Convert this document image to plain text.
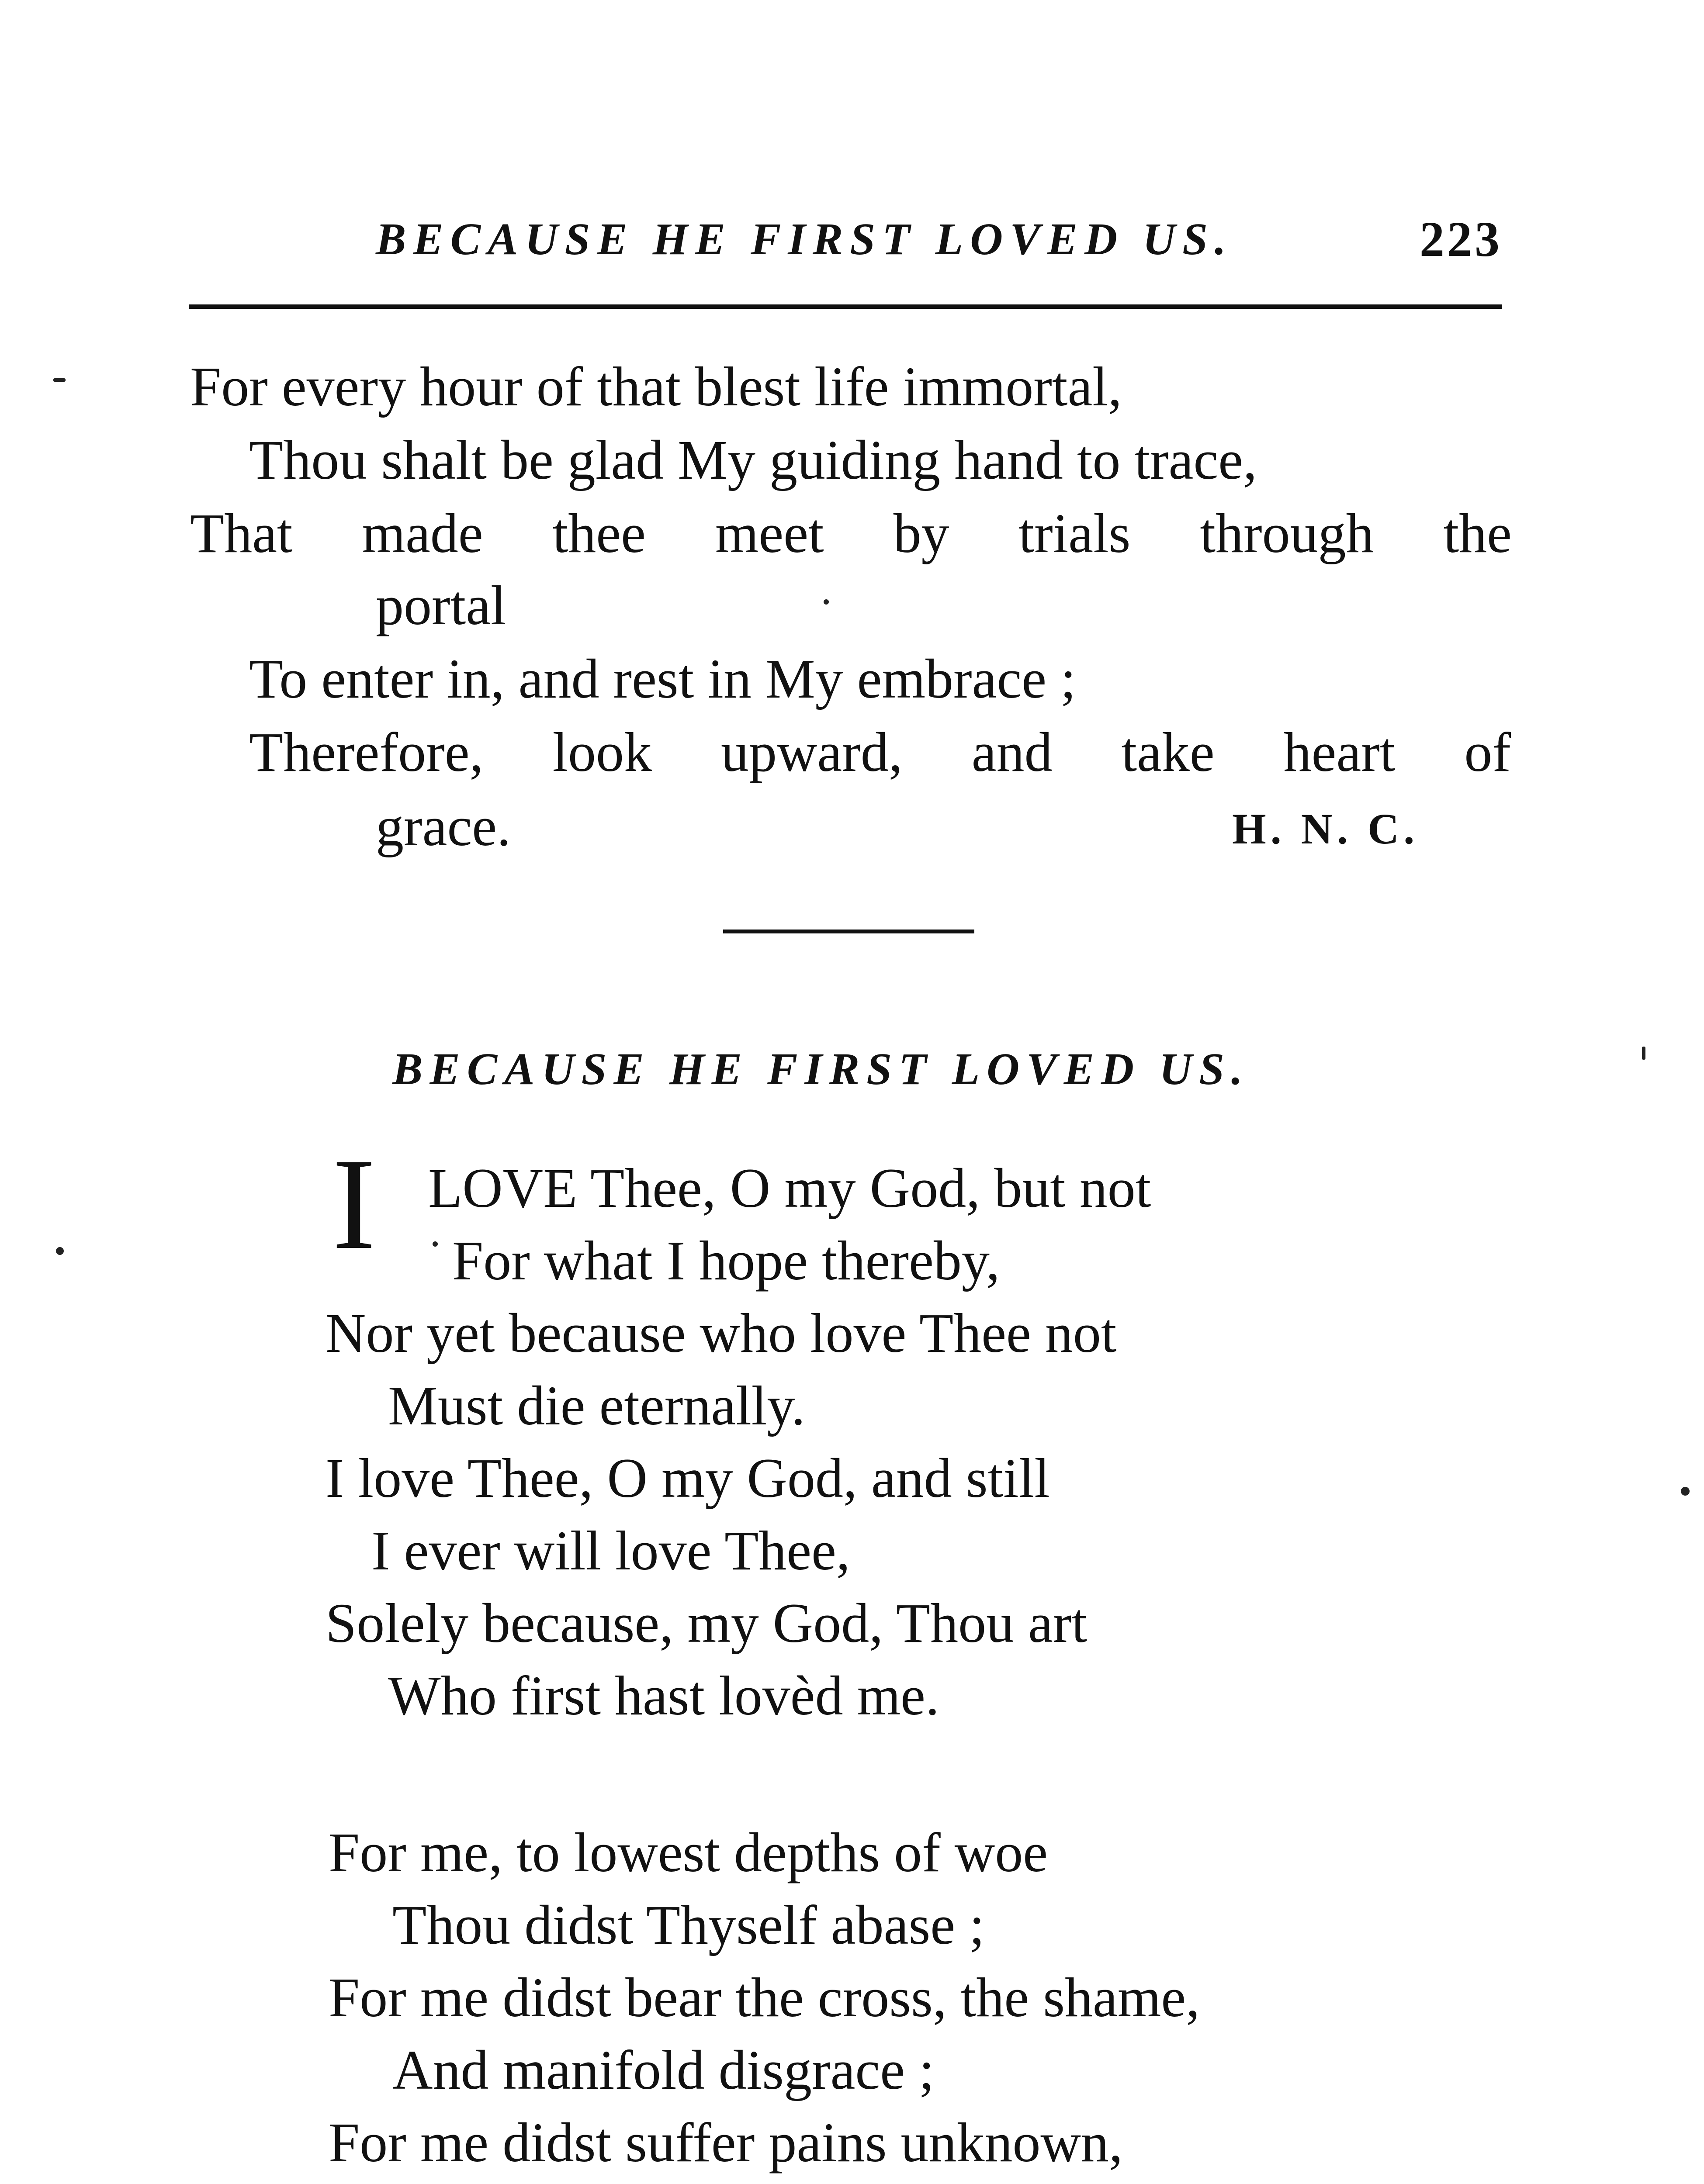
BECAUSE HE FIRST LOVED US.	223
For every hour of that blest life immortal,
Thou shalt be glad My guiding hand to trace,
That made thee meet by trials through the
portal
To enter in, and rest in My embrace ;
Therefore, look upward, and take heart of
grace.	H. N. C.
BECAUSE HE FIRST LOVED US.
I LOVE Thee, O my God, but not
For what I hope thereby,
Nor yet because who love Thee not
Must die eternally.
I love Thee, O my God, and still
I ever will love Thee,
Solely because, my God, Thou art
Who first hast lovèd me.
For me, to lowest depths of woe
Thou didst Thyself abase ;
For me didst bear the cross, the shame,
And manifold disgrace ;
For me didst suffer pains unknown,
